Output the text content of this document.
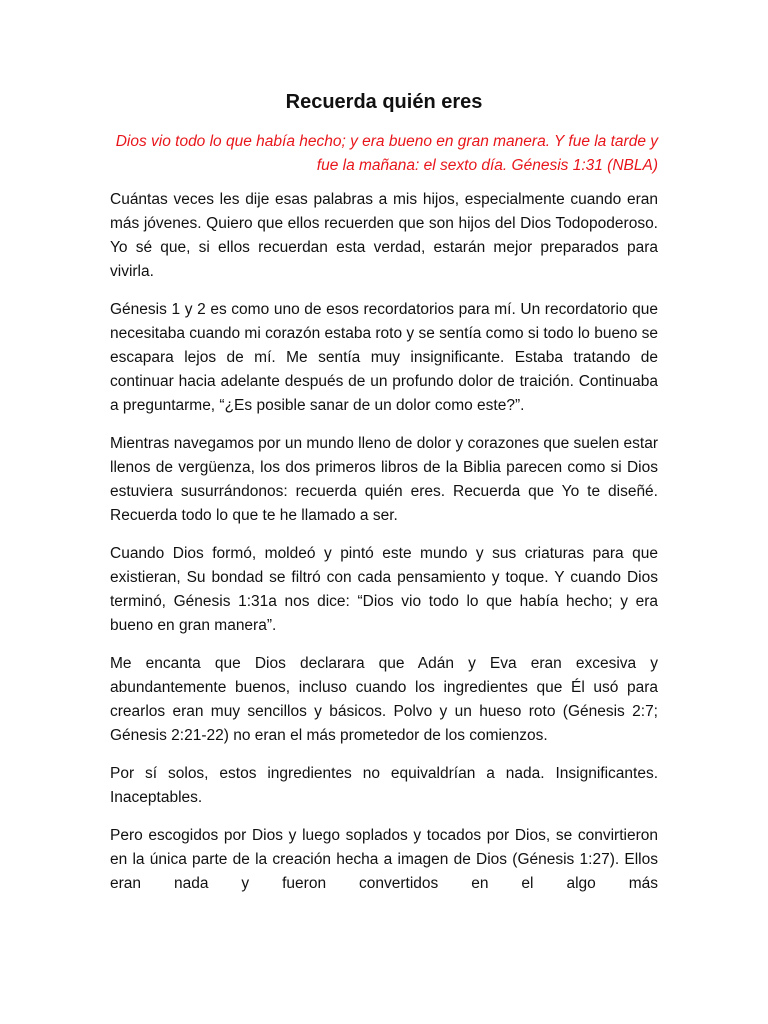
Recuerda quién eres
Dios vio todo lo que había hecho; y era bueno en gran manera. Y fue la tarde y fue la mañana: el sexto día. Génesis 1:31 (NBLA)

Cuántas veces les dije esas palabras a mis hijos, especialmente cuando eran más jóvenes. Quiero que ellos recuerden que son hijos del Dios Todopoderoso. Yo sé que, si ellos recuerdan esta verdad, estarán mejor preparados para vivirla.

Génesis 1 y 2 es como uno de esos recordatorios para mí. Un recordatorio que necesitaba cuando mi corazón estaba roto y se sentía como si todo lo bueno se escapara lejos de mí. Me sentía muy insignificante. Estaba tratando de continuar hacia adelante después de un profundo dolor de traición. Continuaba a preguntarme, “¿Es posible sanar de un dolor como este?”.

Mientras navegamos por un mundo lleno de dolor y corazones que suelen estar llenos de vergüenza, los dos primeros libros de la Biblia parecen como si Dios estuviera susurrándonos: recuerda quién eres. Recuerda que Yo te diseñé. Recuerda todo lo que te he llamado a ser.

Cuando Dios formó, moldeó y pintó este mundo y sus criaturas para que existieran, Su bondad se filtró con cada pensamiento y toque. Y cuando Dios terminó, Génesis 1:31a nos dice: “Dios vio todo lo que había hecho; y era bueno en gran manera”.

Me encanta que Dios declarara que Adán y Eva eran excesiva y abundantemente buenos, incluso cuando los ingredientes que Él usó para crearlos eran muy sencillos y básicos. Polvo y un hueso roto (Génesis 2:7; Génesis 2:21-22) no eran el más prometedor de los comienzos.

Por sí solos, estos ingredientes no equivaldrían a nada. Insignificantes. Inaceptables.

Pero escogidos por Dios y luego soplados y tocados por Dios, se convirtieron en la única parte de la creación hecha a imagen de Dios (Génesis 1:27). Ellos eran nada y fueron convertidos en el algo más
